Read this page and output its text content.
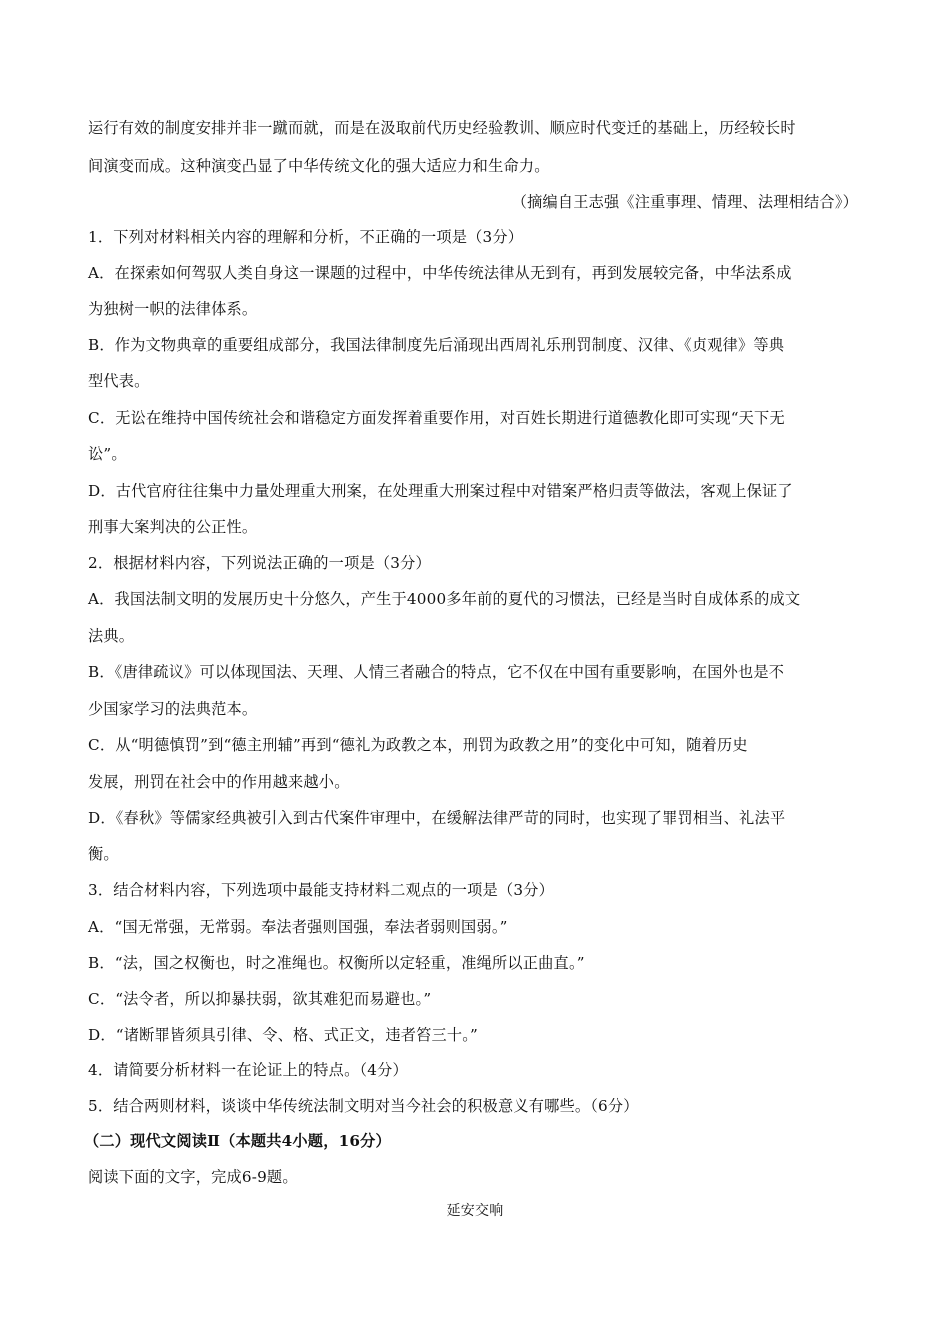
运行有效的制度安排并非一蹴而就，而是在汲取前代历史经验教训、顺应时代变迁的基础上，历经较长时
间演变而成。这种演变凸显了中华传统文化的强大适应力和生命力。
（摘编自王志强《注重事理、情理、法理相结合》）
1．下列对材料相关内容的理解和分析，不正确的一项是（3分）
A．在探索如何驾驭人类自身这一课题的过程中，中华传统法律从无到有，再到发展较完备，中华法系成
为独树一帜的法律体系。
B．作为文物典章的重要组成部分，我国法律制度先后涌现出西周礼乐刑罚制度、汉律、《贞观律》等典
型代表。
C．无讼在维持中国传统社会和谐稳定方面发挥着重要作用，对百姓长期进行道德教化即可实现“天下无
讼”。
D．古代官府往往集中力量处理重大刑案，在处理重大刑案过程中对错案严格归责等做法，客观上保证了
刑事大案判决的公正性。
2．根据材料内容，下列说法正确的一项是（3分）
A．我国法制文明的发展历史十分悠久，产生于4000多年前的夏代的习惯法，已经是当时自成体系的成文
法典。
B．《唐律疏议》可以体现国法、天理、人情三者融合的特点，它不仅在中国有重要影响，在国外也是不
少国家学习的法典范本。
C．从“明德慎罚”到“德主刑辅”再到“德礼为政教之本，刑罚为政教之用”的变化中可知，随着历史
发展，刑罚在社会中的作用越来越小。
D．《春秋》等儒家经典被引入到古代案件审理中，在缓解法律严苛的同时，也实现了罪罚相当、礼法平
衡。
3．结合材料内容，下列选项中最能支持材料二观点的一项是（3分）
A．“国无常强，无常弱。奉法者强则国强，奉法者弱则国弱。”
B．“法，国之权衡也，时之准绳也。权衡所以定轻重，准绳所以正曲直。”
C．“法令者，所以抑暴扶弱，欲其难犯而易避也。”
D．“诸断罪皆须具引律、令、格、式正文，违者笞三十。”
4．请简要分析材料一在论证上的特点。（4分）
5．结合两则材料，谈谈中华传统法制文明对当今社会的积极意义有哪些。（6分）
（二）现代文阅读Ⅱ（本题共4小题，16分）
阅读下面的文字，完成6-9题。
延安交响
